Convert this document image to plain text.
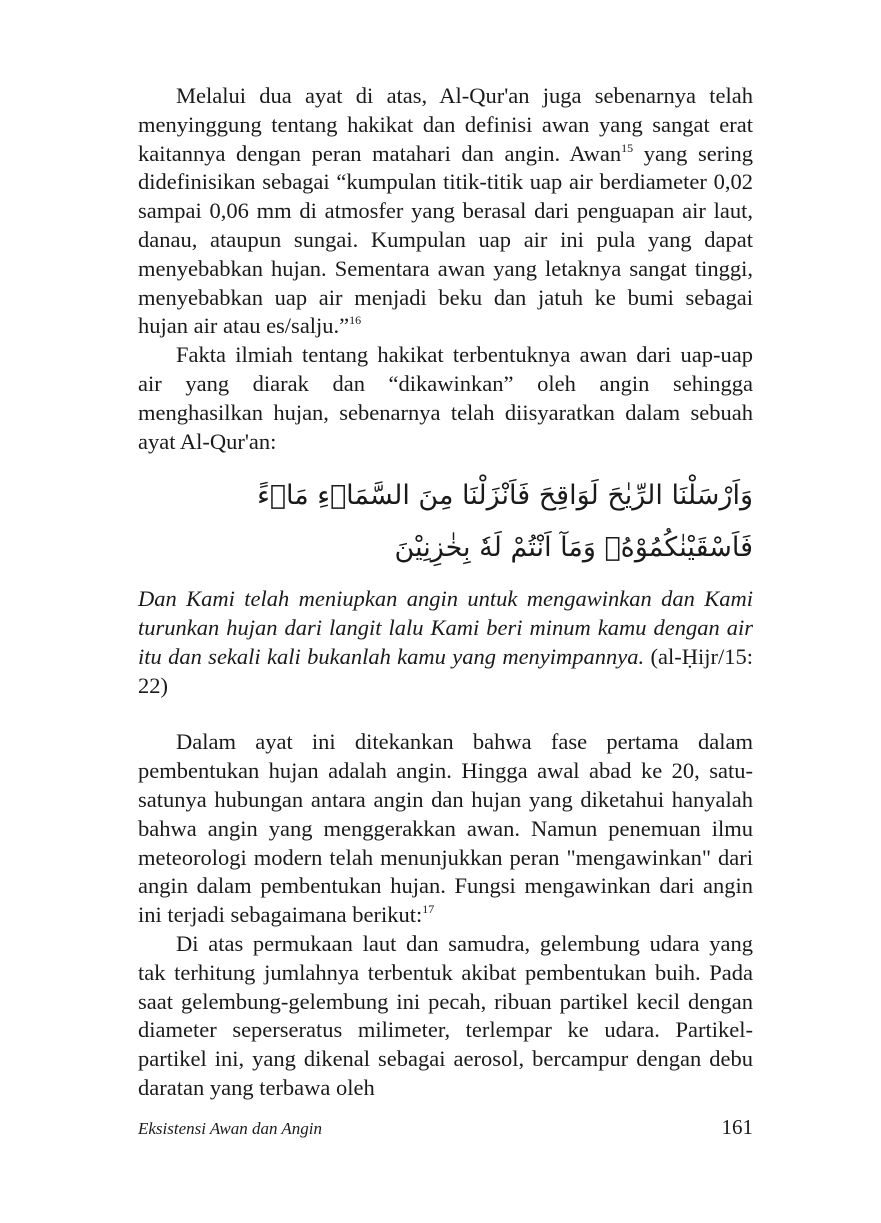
Melalui dua ayat di atas, Al-Qur'an juga sebenarnya telah menyinggung tentang hakikat dan definisi awan yang sangat erat kaitannya dengan peran matahari dan angin. Awan$^{15}$ yang sering didefinisikan sebagai “kumpulan titik-titik uap air berdiameter 0,02 sampai 0,06 mm di atmosfer yang berasal dari penguapan air laut, danau, ataupun sungai. Kumpulan uap air ini pula yang dapat menyebabkan hujan. Sementara awan yang letaknya sangat tinggi, menyebabkan uap air menjadi beku dan jatuh ke bumi sebagai hujan air atau es/salju.”$^{16}$

Fakta ilmiah tentang hakikat terbentuknya awan dari uap-uap air yang diarak dan “dikawinkan” oleh angin sehingga menghasilkan hujan, sebenarnya telah diisyaratkan dalam sebuah ayat Al-Qur'an:

وَاَرْسَلْنَا الرِّيٰحَ لَوَاقِحَ فَاَنْزَلْنَا مِنَ السَّمَاۤءِ مَاۤءً فَاَسْقَيْنٰكُمُوْهُۚ وَمَآ اَنْتُمْ لَهٗ بِخٰزِنِيْنَ

Dan Kami telah meniupkan angin untuk mengawinkan dan Kami turunkan hujan dari langit lalu Kami beri minum kamu dengan air itu dan sekali kali bukanlah kamu yang menyimpannya. (al-Ḥijr/15: 22)

Dalam ayat ini ditekankan bahwa fase pertama dalam pembentukan hujan adalah angin. Hingga awal abad ke 20, satu-satunya hubungan antara angin dan hujan yang diketahui hanyalah bahwa angin yang menggerakkan awan. Namun penemuan ilmu meteorologi modern telah menunjukkan peran "mengawinkan" dari angin dalam pembentukan hujan. Fungsi mengawinkan dari angin ini terjadi sebagaimana berikut:$^{17}$

Di atas permukaan laut dan samudra, gelembung udara yang tak terhitung jumlahnya terbentuk akibat pembentukan buih. Pada saat gelembung-gelembung ini pecah, ribuan partikel kecil dengan diameter seperseratus milimeter, terlempar ke udara. Partikel-partikel ini, yang dikenal sebagai aerosol, bercampur dengan debu daratan yang terbawa oleh

Eksistensi Awan dan Angin	161
